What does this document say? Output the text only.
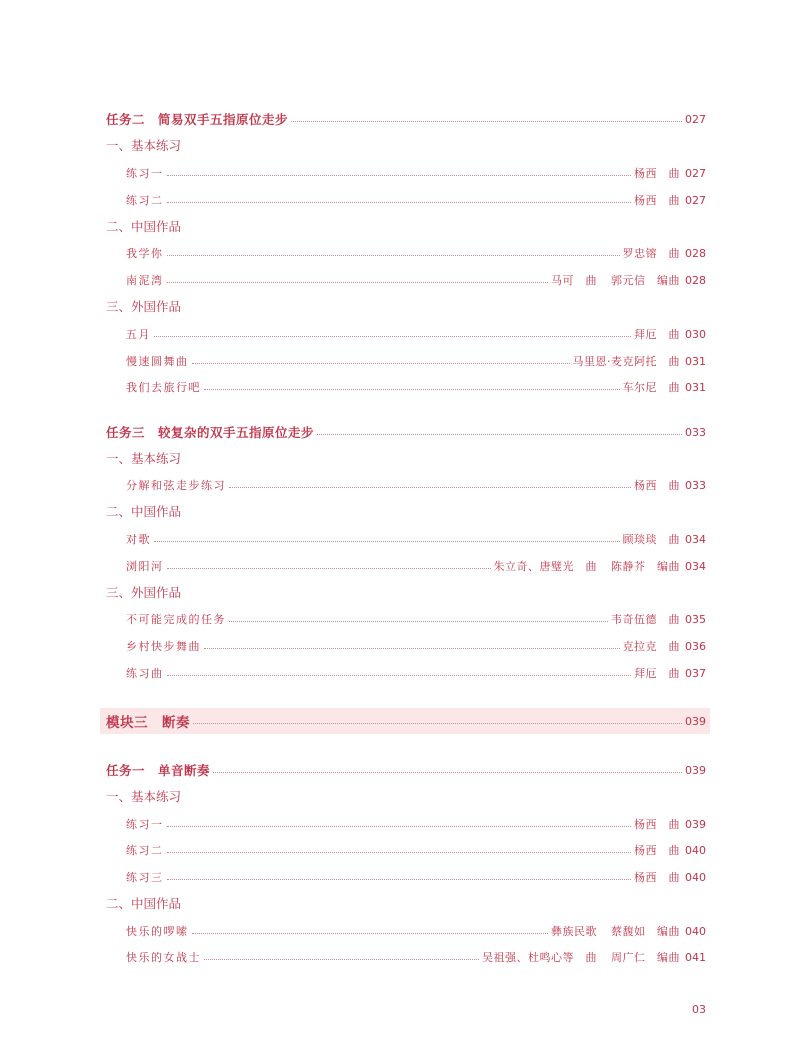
任务二　简易双手五指原位走步	027
一、基本练习
练习一	杨西　曲 027
练习二	杨西　曲 027
二、中国作品
我学你	罗忠镕　曲 028
南泥湾	马可　曲 郭元信　编曲 028
三、外国作品
五月	拜厄　曲 030
慢速圆舞曲	马里恩·麦克阿托　曲 031
我们去旅行吧	车尔尼　曲 031
任务三　较复杂的双手五指原位走步	033
一、基本练习
分解和弦走步练习	杨西　曲 033
二、中国作品
对歌	顾琰琰　曲 034
浏阳河	朱立奇、唐璧光　曲 陈静芥　编曲 034
三、外国作品
不可能完成的任务	韦奇伍德　曲 035
乡村快步舞曲	克拉克　曲 036
练习曲	拜厄　曲 037
模块三　断奏	039
任务一　单音断奏	039
一、基本练习
练习一	杨西　曲 039
练习二	杨西　曲 040
练习三	杨西　曲 040
二、中国作品
快乐的啰嗦	彝族民歌 蔡馥如　编曲 040
快乐的女战士	吴祖强、杜鸣心等　曲 周广仁　编曲 041
03
